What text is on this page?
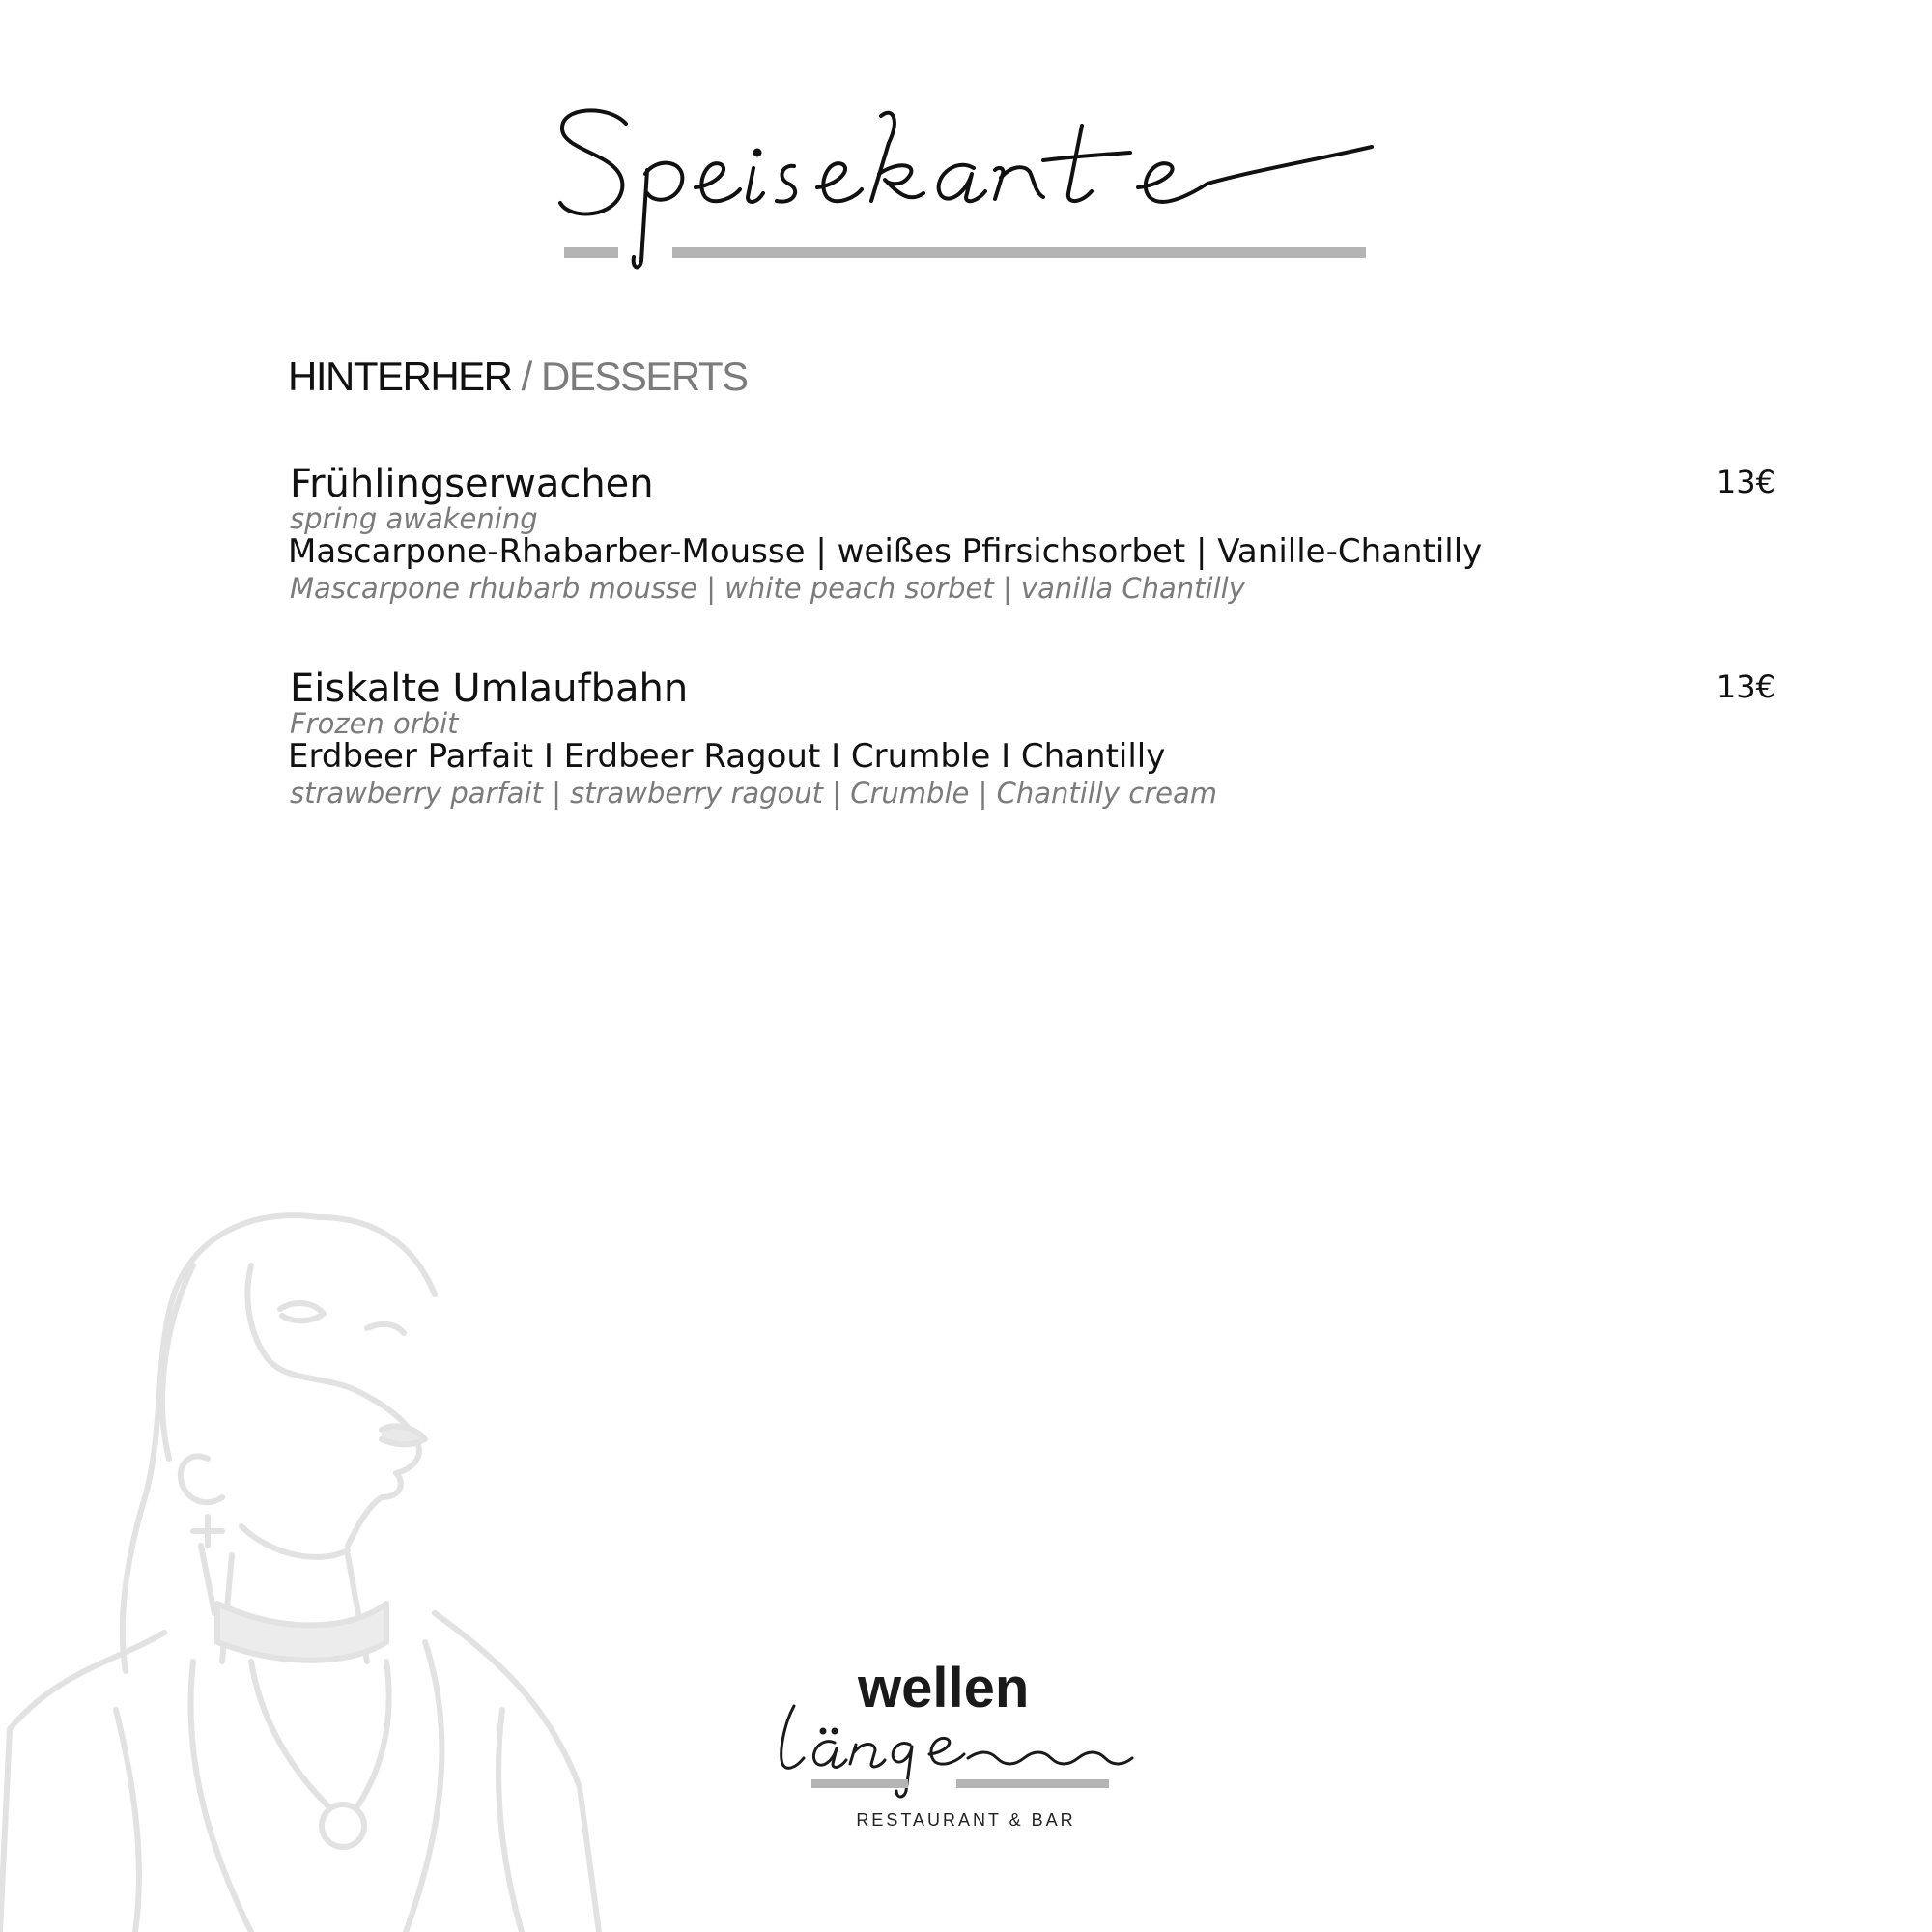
HINTERHER / DESSERTS
Frühlingserwachen
spring awakening
Mascarpone-Rhabarber-Mousse | weißes Pfirsichsorbet | Vanille-Chantilly
Mascarpone rhubarb mousse | white peach sorbet | vanilla Chantilly
13€
Eiskalte Umlaufbahn
Frozen orbit
Erdbeer Parfait I Erdbeer Ragout I Crumble I Chantilly
strawberry parfait | strawberry ragout | Crumble | Chantilly cream
13€
wellen
RESTAURANT & BAR
